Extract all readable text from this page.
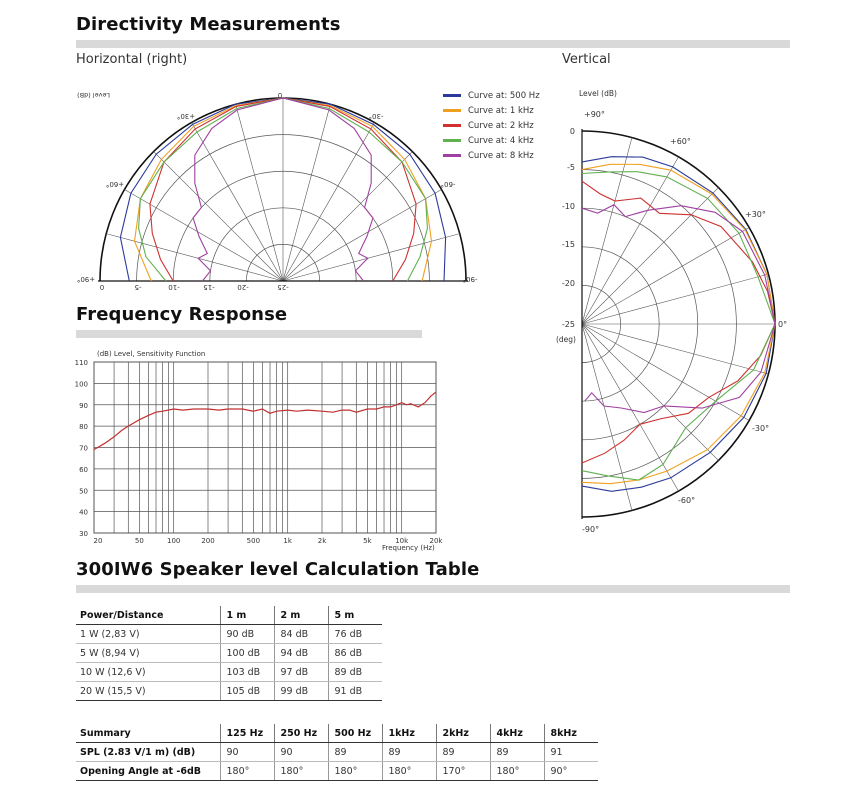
Directivity Measurements
Horizontal (right)	Vertical
0	-5	-10	-15	-20	-25
0
+30°	-30°
+60°	-60°
+90°	-90°
Level (dB)	Curve at: 500 Hz
Curve at: 1 kHz
Curve at: 2 kHz
Curve at: 4 kHz
Curve at: 8 kHz
0
-5
-10
-15
-20
-25
+90°
+60°
+30°
0°
-30°
-60°
-90°
Level (dB)
(deg)
Frequency Response
110
100
90
80
70
60
50
40
30
20	50	100	200	500	1k	2k	5k	10k	20k
(dB) Level, Sensitivity Function
Frequency (Hz)
300IW6 Speaker level Calculation Table
Power/Distance	1 m	2 m	5 m
1 W (2,83 V)	90 dB	84 dB	76 dB
5 W (8,94 V)	100 dB	94 dB	86 dB
10 W (12,6 V)	103 dB	97 dB	89 dB
20 W (15,5 V)	105 dB	99 dB	91 dB
Summary	125 Hz	250 Hz	500 Hz	1kHz	2kHz	4kHz	8kHz
SPL (2.83 V/1 m) (dB)	90	90	89	89	89	89	91
Opening Angle at -6dB	180°	180°	180°	180°	170°	180°	90°
